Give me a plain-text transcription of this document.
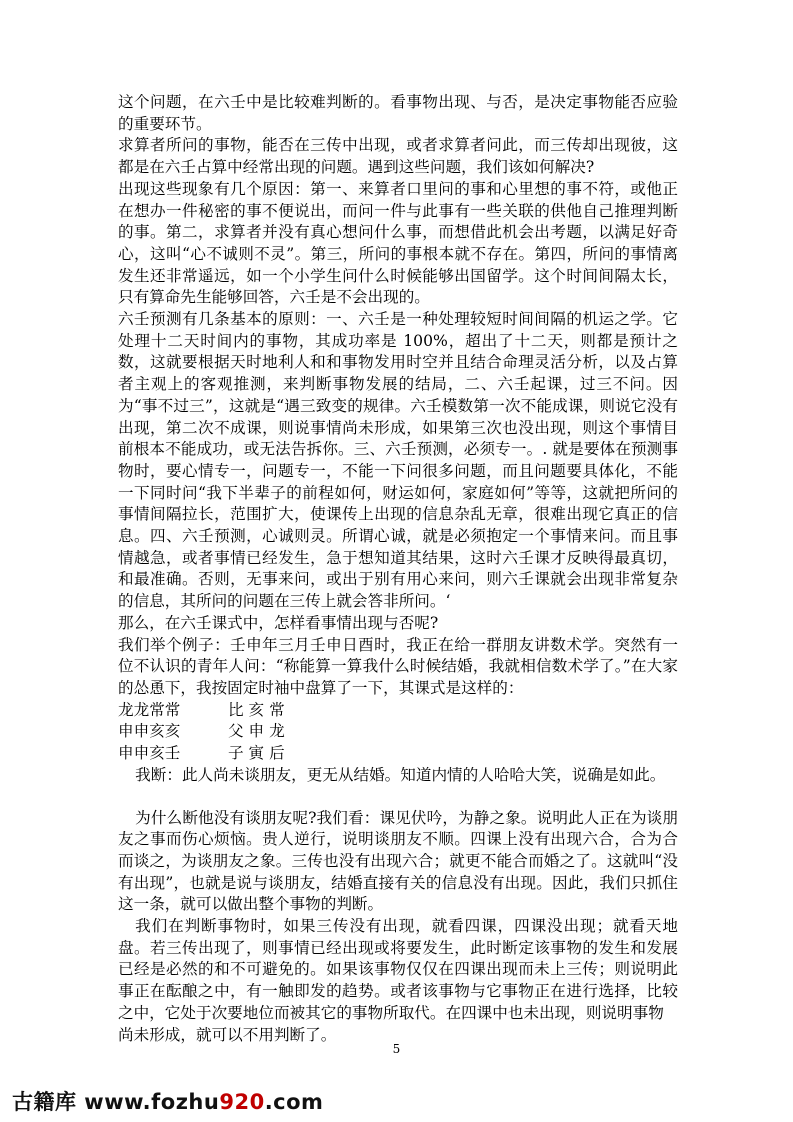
这个问题，在六壬中是比较难判断的。看事物出现、与否，是决定事物能否应验的重要环节。

求算者所问的事物，能否在三传中出现，或者求算者问此，而三传却出现彼，这都是在六壬占算中经常出现的问题。遇到这些问题，我们该如何解决?

出现这些现象有几个原因：第一、来算者口里问的事和心里想的事不符，或他正在想办一件秘密的事不便说出，而问一件与此事有一些关联的供他自己推理判断的事。第二，求算者并没有真心想问什么事，而想借此机会出考题，以满足好奇心，这叫“心不诚则不灵”。第三，所问的事根本就不存在。第四，所问的事情离发生还非常遥远，如一个小学生问什么时候能够出国留学。这个时间间隔太长，只有算命先生能够回答，六壬是不会出现的。

六壬预测有几条基本的原则：一、六壬是一种处理较短时间间隔的机运之学。它处理十二天时间内的事物，其成功率是 100%，超出了十二天，则都是预计之数，这就要根据天时地利人和和事物发用时空并且结合命理灵活分析，以及占算者主观上的客观推测，来判断事物发展的结局，二、六壬起课，过三不问。因为“事不过三”，这就是“遇三致变的规律。六壬模数第一次不能成课，则说它没有出现，第二次不成课，则说事情尚未形成，如果第三次也没出现，则这个事情目前根本不能成功，或无法告拆你。三、六壬预测，必须专一。. 就是要体在预测事物时，要心情专一，问题专一，不能一下问很多问题，而且问题要具体化，不能一下同时问“我下半辈子的前程如何，财运如何，家庭如何”等等，这就把所问的事情间隔拉长，范围扩大，使课传上出现的信息杂乱无章，很难出现它真正的信息。四、六壬预测，心诚则灵。所谓心诚，就是必须抱定一个事情来问。而且事情越急，或者事情已经发生，急于想知道其结果，这时六壬课才反映得最真切，和最准确。否则，无事来问，或出于别有用心来问，则六壬课就会出现非常复杂的信息，其所问的问题在三传上就会答非所问。‘

那么，在六壬课式中，怎样看事情出现与否呢?

我们举个例子：壬申年三月壬申日酉时，我正在给一群朋友讲数术学。突然有一位不认识的青年人问：“称能算一算我什么时候结婚，我就相信数术学了。”在大家的怂恿下，我按固定时袖中盘算了一下，其课式是这样的：

龙龙常常	比 亥 常
申申亥亥	父 申 龙
申申亥壬	子 寅 后

我断：此人尚未谈朋友，更无从结婚。知道内情的人哈哈大笑，说确是如此。

为什么断他没有谈朋友呢?我们看：课见伏吟，为静之象。说明此人正在为谈朋友之事而伤心烦恼。贵人逆行，说明谈朋友不顺。四课上没有出现六合，合为合而谈之，为谈朋友之象。三传也没有出现六合；就更不能合而婚之了。这就叫“没有出现”，也就是说与谈朋友，结婚直接有关的信息没有出现。因此，我们只抓住这一条，就可以做出整个事物的判断。

我们在判断事物时，如果三传没有出现，就看四课，四课没出现；就看天地盘。若三传出现了，则事情已经出现或将要发生，此时断定该事物的发生和发展已经是必然的和不可避免的。如果该事物仅仅在四课出现而未上三传；则说明此事正在酝酿之中，有一触即发的趋势。或者该事物与它事物正在进行选择，比较之中，它处于次要地位而被其它的事物所取代。在四课中也未出现，则说明事物

尚未形成，就可以不用判断了。

5
古籍库 www.fozhu920.com
